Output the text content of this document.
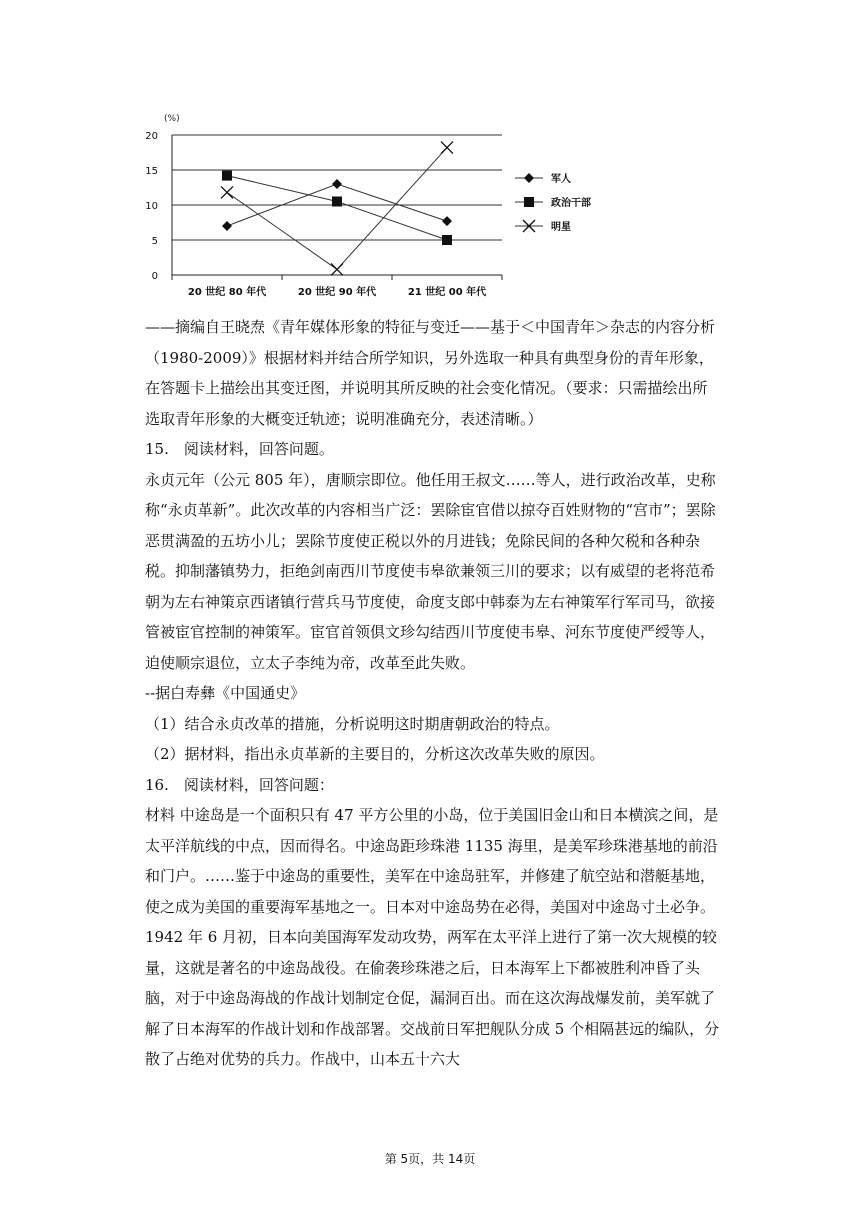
(%)
0
5
10
15
20
20 世纪 80 年代	20 世纪 90 年代	21 世纪 00 年代
军人
政治干部
明星

——摘编自王晓焘《青年媒体形象的特征与变迁——基于＜中国青年＞杂志的内容分析（1980-2009）》根据材料并结合所学知识，另外选取一种具有典型身份的青年形象，在答题卡上描绘出其变迁图，并说明其所反映的社会变化情况。（要求：只需描绘出所选取青年形象的大概变迁轨迹；说明准确充分，表述清晰。）

15.　阅读材料，回答问题。

永贞元年（公元 805 年），唐顺宗即位。他任用王叔文……等人，进行政治改革，史称称“永贞革新”。此次改革的内容相当广泛：罢除宦官借以掠夺百姓财物的“宫市”；罢除恶贯满盈的五坊小儿；罢除节度使正税以外的月进钱；免除民间的各种欠税和各种杂税。抑制藩镇势力，拒绝剑南西川节度使韦皋欲兼领三川的要求；以有威望的老将范希朝为左右神策京西诸镇行营兵马节度使，命度支郎中韩泰为左右神策军行军司马，欲接管被宦官控制的神策军。宦官首领俱文珍勾结西川节度使韦皋、河东节度使严绶等人，迫使顺宗退位，立太子李纯为帝，改革至此失败。

--据白寿彝《中国通史》

（1）结合永贞改革的措施，分析说明这时期唐朝政治的特点。

（2）据材料，指出永贞革新的主要目的，分析这次改革失败的原因。

16.　阅读材料，回答问题：

材料 中途岛是一个面积只有 47 平方公里的小岛，位于美国旧金山和日本横滨之间，是太平洋航线的中点，因而得名。中途岛距珍珠港 1135 海里，是美军珍珠港基地的前沿和门户。……鉴于中途岛的重要性，美军在中途岛驻军，并修建了航空站和潜艇基地，使之成为美国的重要海军基地之一。日本对中途岛势在必得，美国对中途岛寸土必争。1942 年 6 月初，日本向美国海军发动攻势，两军在太平洋上进行了第一次大规模的较量，这就是著名的中途岛战役。在偷袭珍珠港之后，日本海军上下都被胜利冲昏了头脑，对于中途岛海战的作战计划制定仓促，漏洞百出。而在这次海战爆发前，美军就了解了日本海军的作战计划和作战部署。交战前日军把舰队分成 5 个相隔甚远的编队，分散了占绝对优势的兵力。作战中，山本五十六大

第 5页，共 14页
